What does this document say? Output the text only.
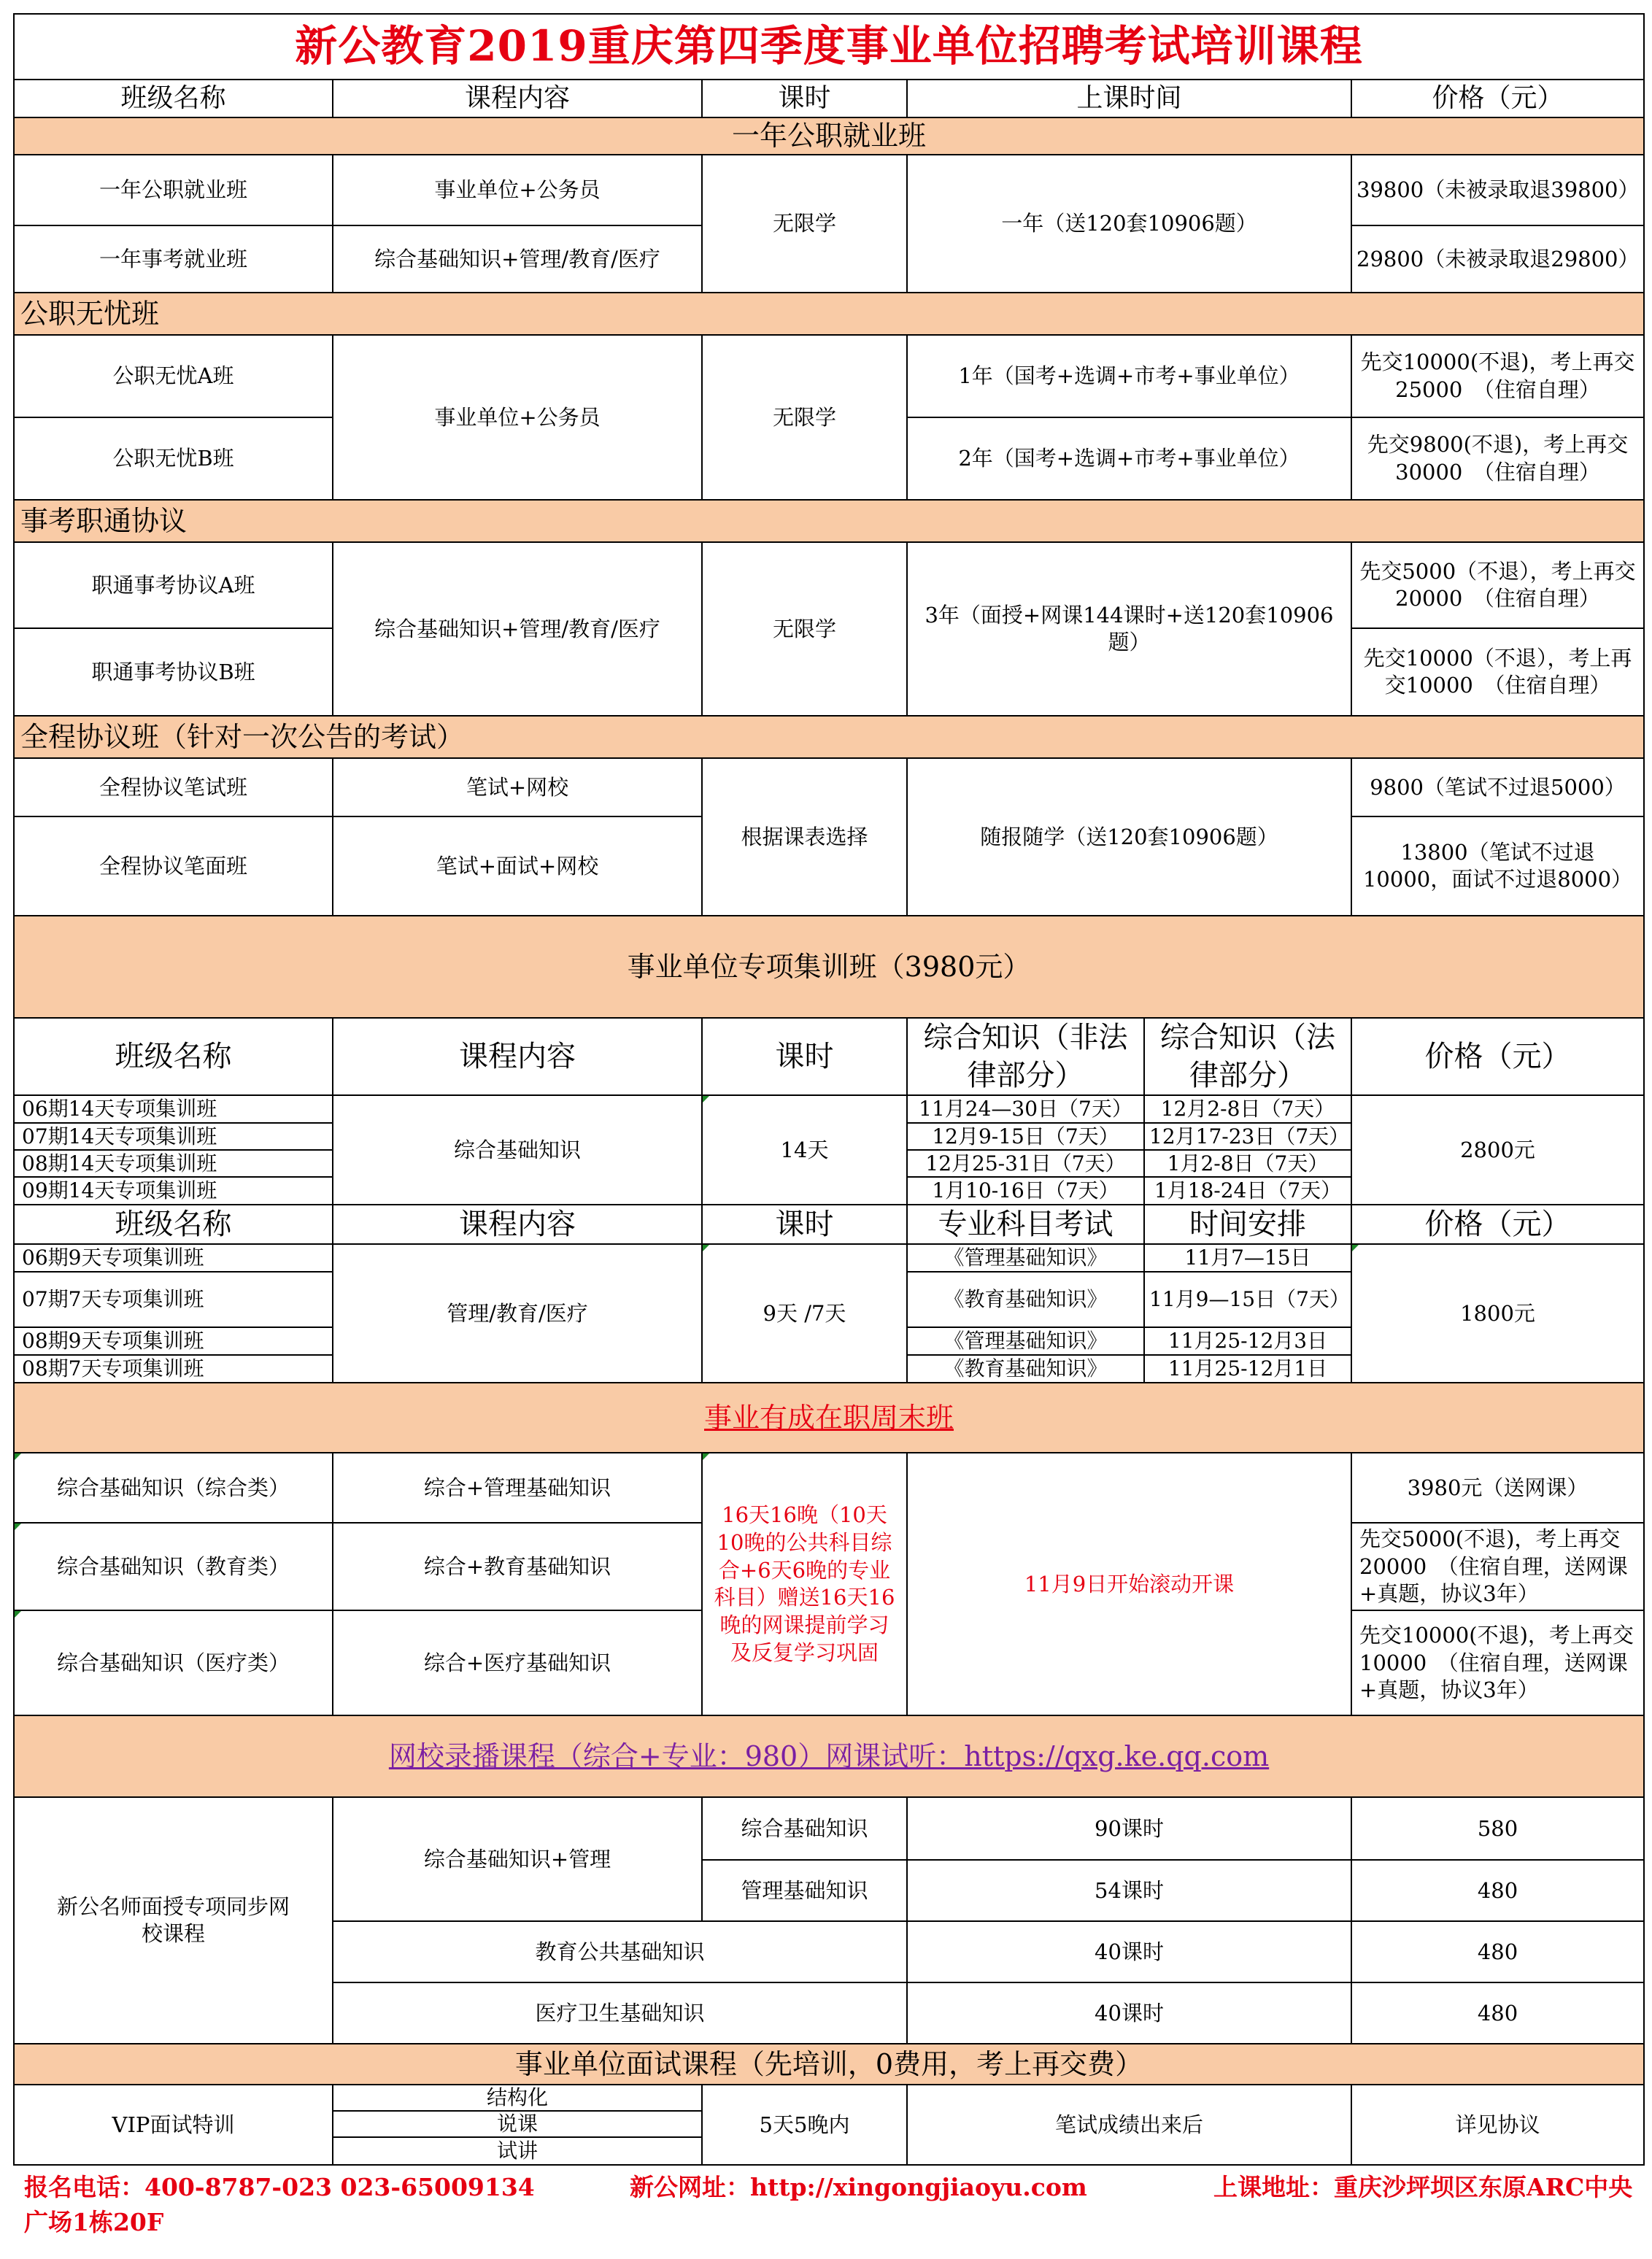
新公教育2019重庆第四季度事业单位招聘考试培训课程					
班级名称	课程内容	课时	上课时间		价格（元）
一年公职就业班					
一年公职就业班	事业单位+公务员	无限学	一年（送120套10906题）		39800（未被录取退39800）
一年事考就业班	综合基础知识+管理/教育/医疗				29800（未被录取退29800）
公职无忧班					
公职无忧A班	事业单位+公务员	无限学	1年（国考+选调+市考+事业单位）		先交10000(不退)，考上再交25000　（住宿自理）
公职无忧B班			2年（国考+选调+市考+事业单位）		先交9800(不退)，考上再交30000　（住宿自理）
事考职通协议					
职通事考协议A班	综合基础知识+管理/教育/医疗	无限学	3年（面授+网课144课时+送120套10906题）		先交5000（不退），考上再交20000　（住宿自理）
职通事考协议B班					先交10000（不退），考上再交10000　（住宿自理）
全程协议班（针对一次公告的考试）					
全程协议笔试班	笔试+网校	根据课表选择	随报随学（送120套10906题）		9800（笔试不过退5000）
全程协议笔面班	笔试+面试+网校				13800（笔试不过退10000，面试不过退8000）
事业单位专项集训班（3980元）					
班级名称	课程内容	课时	综合知识（非法律部分）	综合知识（法律部分）	价格（元）
06期14天专项集训班	综合基础知识	14天	11月24—30日（7天）	12月2-8日（7天）	2800元
07期14天专项集训班			12月9-15日（7天）	12月17-23日（7天）	
08期14天专项集训班			12月25-31日（7天）	1月2-8日（7天）	
09期14天专项集训班			1月10-16日（7天）	1月18-24日（7天）	
班级名称	课程内容	课时	专业科目考试	时间安排	价格（元）
06期9天专项集训班	管理/教育/医疗	9天 /7天	《管理基础知识》	11月7—15日	1800元
07期7天专项集训班			《教育基础知识》	11月9—15日（7天）	
08期9天专项集训班			《管理基础知识》	11月25-12月3日	
08期7天专项集训班			《教育基础知识》	11月25-12月1日	
事业有成在职周末班					
综合基础知识（综合类）	综合+管理基础知识	16天16晚（10天10晚的公共科目综合+6天6晚的专业科目）赠送16天16晚的网课提前学习及反复学习巩固	11月9日开始滚动开课		3980元（送网课）
综合基础知识（教育类）	综合+教育基础知识				先交5000(不退)，考上再交20000　（住宿自理，送网课+真题，协议3年）
综合基础知识（医疗类）	综合+医疗基础知识				先交10000(不退)，考上再交10000　（住宿自理，送网课+真题，协议3年）
网校录播课程（综合+专业：980）网课试听：https://qxg.ke.qq.com					
新公名师面授专项同步网校课程	综合基础知识+管理	综合基础知识	90课时		580
		管理基础知识	54课时		480
	教育公共基础知识		40课时		480
	医疗卫生基础知识		40课时		480
事业单位面试课程（先培训，0费用，考上再交费）					
VIP面试特训	结构化	5天5晚内	笔试成绩出来后		详见协议
	说课				
	试讲				
报名电话：400-8787-023 023-65009134 新公网址：http://xingongjiaoyu.com 上课地址：重庆沙坪坝区东原ARC中央广场1栋20F					
